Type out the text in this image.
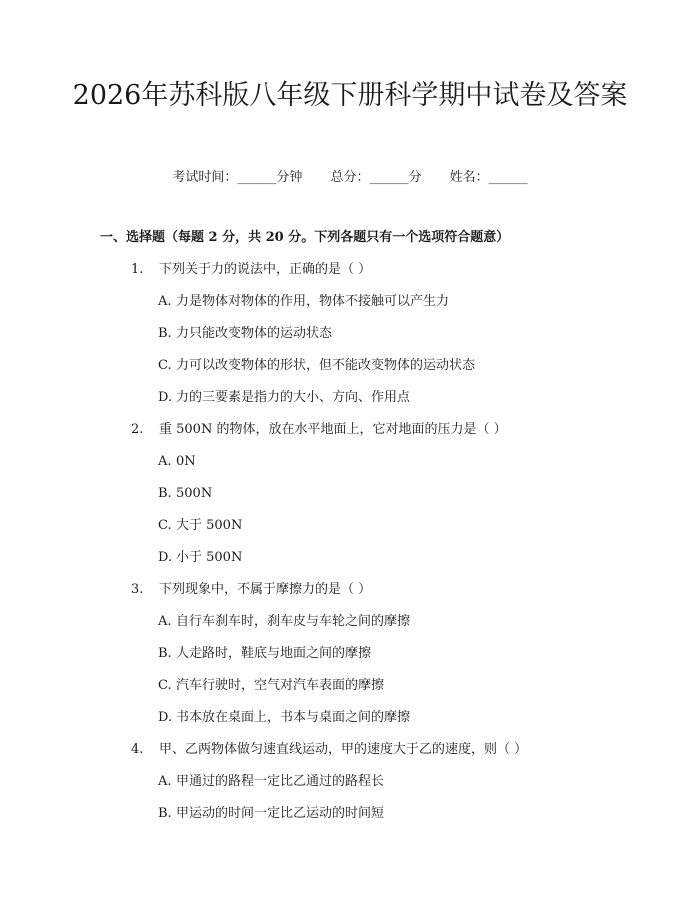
2026年苏科版八年级下册科学期中试卷及答案
考试时间：______分钟 总分：______分 姓名：______
一、选择题（每题 2 分，共 20 分。下列各题只有一个选项符合题意）
1. 下列关于力的说法中，正确的是（ ）
A. 力是物体对物体的作用，物体不接触可以产生力
B. 力只能改变物体的运动状态
C. 力可以改变物体的形状，但不能改变物体的运动状态
D. 力的三要素是指力的大小、方向、作用点
2. 重 500N 的物体，放在水平地面上，它对地面的压力是（ ）
A. 0N
B. 500N
C. 大于 500N
D. 小于 500N
3. 下列现象中，不属于摩擦力的是（ ）
A. 自行车刹车时，刹车皮与车轮之间的摩擦
B. 人走路时，鞋底与地面之间的摩擦
C. 汽车行驶时，空气对汽车表面的摩擦
D. 书本放在桌面上，书本与桌面之间的摩擦
4. 甲、乙两物体做匀速直线运动，甲的速度大于乙的速度，则（ ）
A. 甲通过的路程一定比乙通过的路程长
B. 甲运动的时间一定比乙运动的时间短
